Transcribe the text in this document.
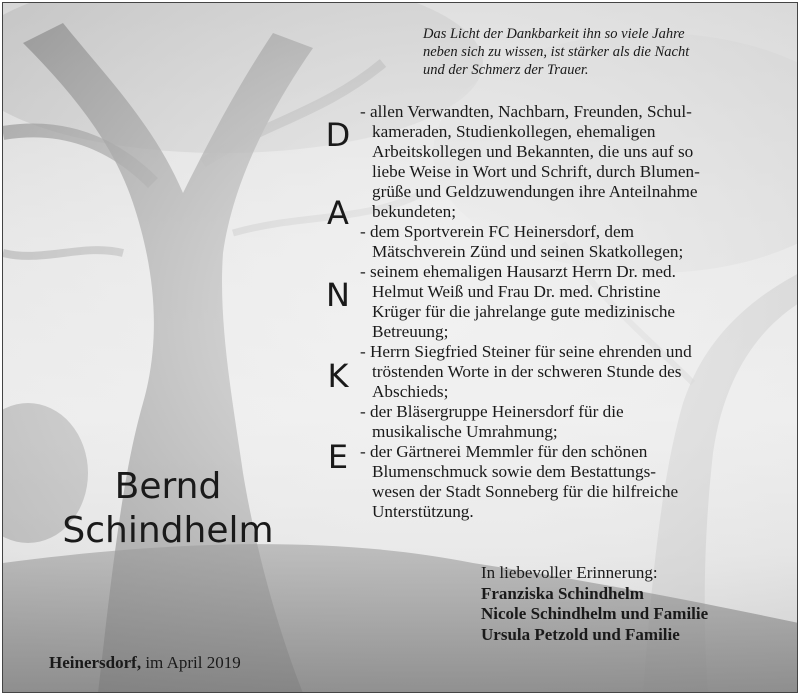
Das Licht der Dankbarkeit ihn so viele Jahre
neben sich zu wissen, ist stärker als die Nacht
und der Schmerz der Trauer.
D
A
N
K
E
- allen Verwandten, Nachbarn, Freunden, Schul-
kameraden, Studienkollegen, ehemaligen
Arbeitskollegen und Bekannten, die uns auf so
liebe Weise in Wort und Schrift, durch Blumen-
grüße und Geldzuwendungen ihre Anteilnahme
bekundeten;
- dem Sportverein FC Heinersdorf, dem
Mätschverein Zünd und seinen Skatkollegen;
- seinem ehemaligen Hausarzt Herrn Dr. med.
Helmut Weiß und Frau Dr. med. Christine
Krüger für die jahrelange gute medizinische
Betreuung;
- Herrn Siegfried Steiner für seine ehrenden und
tröstenden Worte in der schweren Stunde des
Abschieds;
- der Bläsergruppe Heinersdorf für die
musikalische Umrahmung;
- der Gärtnerei Memmler für den schönen
Blumenschmuck sowie dem Bestattungs-
wesen der Stadt Sonneberg für die hilfreiche
Unterstützung.
Bernd
Schindhelm
In liebevoller Erinnerung:
Franziska Schindhelm
Nicole Schindhelm und Familie
Ursula Petzold und Familie
Heinersdorf, im April 2019
